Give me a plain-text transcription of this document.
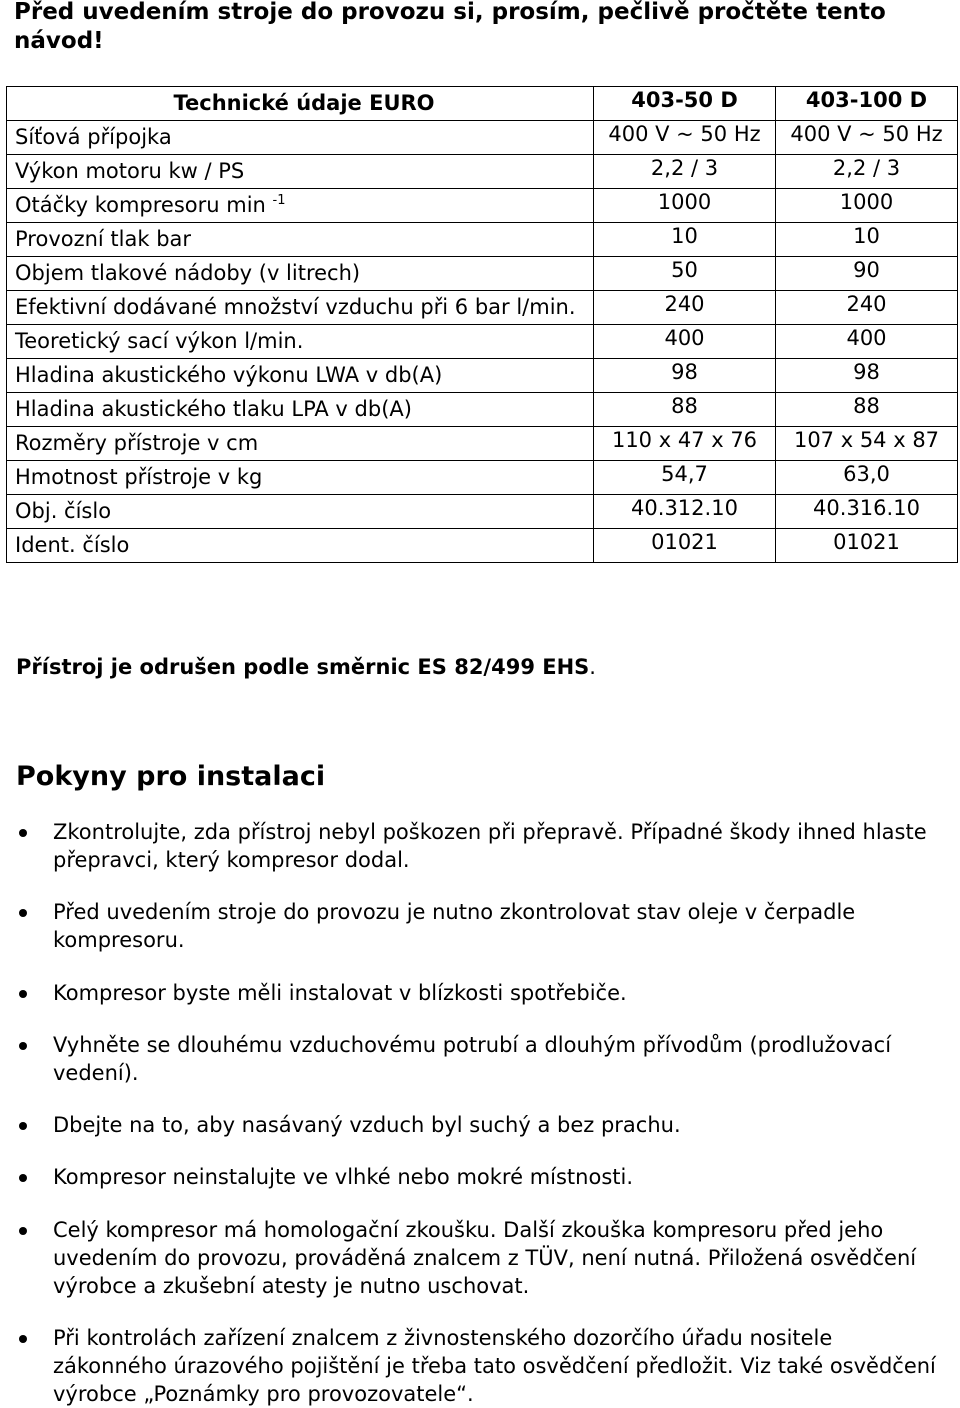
Před uvedením stroje do provozu si, prosím, pečlivě pročtěte tento návod!
Technické údaje EURO	403-50 D	403-100 D
Síťová přípojka	400 V ~ 50 Hz	400 V ~ 50 Hz
Výkon motoru kw / PS	2,2 / 3	2,2 / 3
Otáčky kompresoru min $^{-1}$	1000	1000
Provozní tlak bar	10	10
Objem tlakové nádoby (v litrech)	50	90
Efektivní dodávané množství vzduchu při 6 bar l/min.	240	240
Teoretický sací výkon l/min.	400	400
Hladina akustického výkonu LWA v db(A)	98	98
Hladina akustického tlaku LPA v db(A)	88	88
Rozměry přístroje v cm	110 x 47 x 76	107 x 54 x 87
Hmotnost přístroje v kg	54,7	63,0
Obj. číslo	40.312.10	40.316.10
Ident. číslo	01021	01021
Přístroj je odrušen podle směrnic ES 82/499 EHS.
Pokyny pro instalaci
Zkontrolujte, zda přístroj nebyl poškozen při přepravě. Případné škody ihned hlaste přepravci, který kompresor dodal.
Před uvedením stroje do provozu je nutno zkontrolovat stav oleje v čerpadle kompresoru.
Kompresor byste měli instalovat v blízkosti spotřebiče.
Vyhněte se dlouhému vzduchovému potrubí a dlouhým přívodům (prodlužovací vedení).
Dbejte na to, aby nasávaný vzduch byl suchý a bez prachu.
Kompresor neinstalujte ve vlhké nebo mokré místnosti.
Celý kompresor má homologační zkoušku. Další zkouška kompresoru před jeho uvedením do provozu, prováděná znalcem z TÜV, není nutná. Přiložená osvědčení výrobce a zkušební atesty je nutno uschovat.
Při kontrolách zařízení znalcem z živnostenského dozorčího úřadu nositele zákonného úrazového pojištění je třeba tato osvědčení předložit. Viz také osvědčení výrobce „Poznámky pro provozovatele“.
